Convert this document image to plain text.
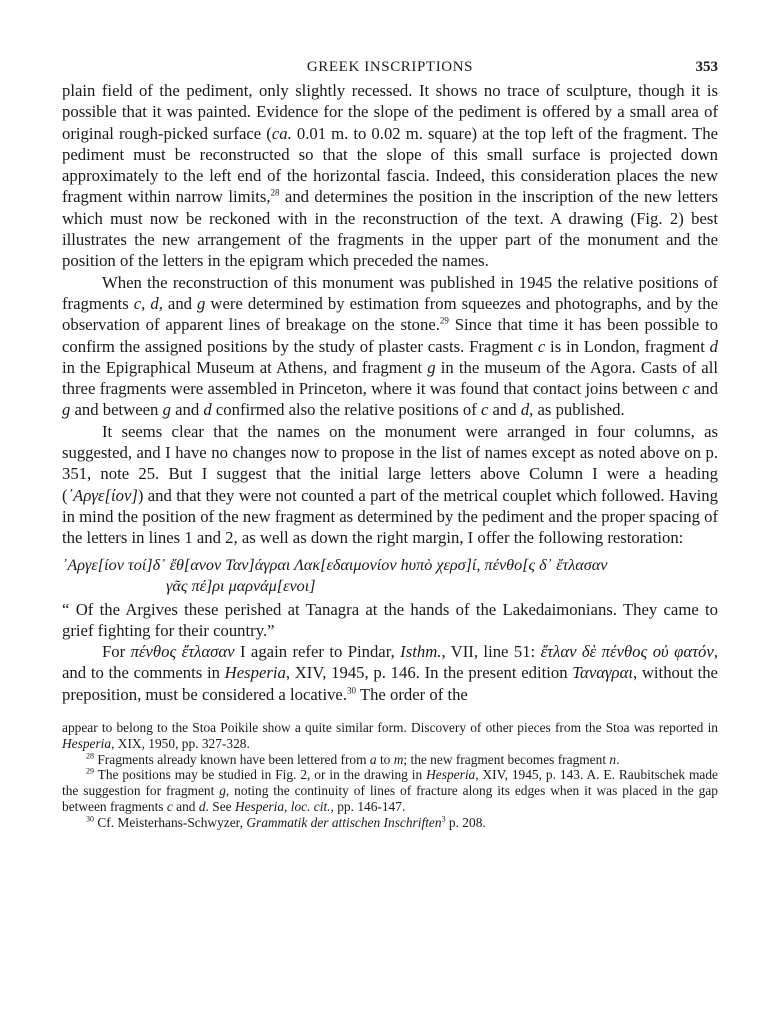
GREEK INSCRIPTIONS	353

plain field of the pediment, only slightly recessed. It shows no trace of sculpture, though it is possible that it was painted. Evidence for the slope of the pediment is offered by a small area of original rough-picked surface (ca. 0.01 m. to 0.02 m. square) at the top left of the fragment. The pediment must be reconstructed so that the slope of this small surface is projected down approximately to the left end of the horizontal fascia. Indeed, this consideration places the new fragment within narrow limits,$^{28}$ and determines the position in the inscription of the new letters which must now be reckoned with in the reconstruction of the text. A drawing (Fig. 2) best illustrates the new arrangement of the fragments in the upper part of the monument and the position of the letters in the epigram which preceded the names.

When the reconstruction of this monument was published in 1945 the relative positions of fragments c, d, and g were determined by estimation from squeezes and photographs, and by the observation of apparent lines of breakage on the stone.$^{29}$ Since that time it has been possible to confirm the assigned positions by the study of plaster casts. Fragment c is in London, fragment d in the Epigraphical Museum at Athens, and fragment g in the museum of the Agora. Casts of all three fragments were assembled in Princeton, where it was found that contact joins between c and g and between g and d confirmed also the relative positions of c and d, as published.

It seems clear that the names on the monument were arranged in four columns, as suggested, and I have no changes now to propose in the list of names except as noted above on p. 351, note 25. But I suggest that the initial large letters above Column I were a heading (᾿Αργε[ίον]) and that they were not counted a part of the metrical couplet which followed. Having in mind the position of the new fragment as determined by the pediment and the proper spacing of the letters in lines 1 and 2, as well as down the right margin, I offer the following restoration:

᾿Αργε[ίον τοί]δ᾿ ἔθ[ανον Ταν]άγραι Λακ[εδαιμονίον hυπὸ χερσ]ί, πένθο[ς δ᾿ ἔτλασαν
γᾶς πέ]ρι μαρνάμ[ενοι]

“ Of the Argives these perished at Tanagra at the hands of the Lakedaimonians. They came to grief fighting for their country.”

For πένθος ἔτλασαν I again refer to Pindar, Isthm., VII, line 51: ἔτλαν δὲ πένθος οὐ φατόν, and to the comments in Hesperia, XIV, 1945, p. 146. In the present edition Ταναγραι, without the preposition, must be considered a locative.$^{30}$ The order of the

appear to belong to the Stoa Poikile show a quite similar form. Discovery of other pieces from the Stoa was reported in Hesperia, XIX, 1950, pp. 327-328.

$^{28}$ Fragments already known have been lettered from a to m; the new fragment becomes fragment n.

$^{29}$ The positions may be studied in Fig. 2, or in the drawing in Hesperia, XIV, 1945, p. 143. A. E. Raubitschek made the suggestion for fragment g, noting the continuity of lines of fracture along its edges when it was placed in the gap between fragments c and d. See Hesperia, loc. cit., pp. 146-147.

$^{30}$ Cf. Meisterhans-Schwyzer, Grammatik der attischen Inschriften$^3$ p. 208.
